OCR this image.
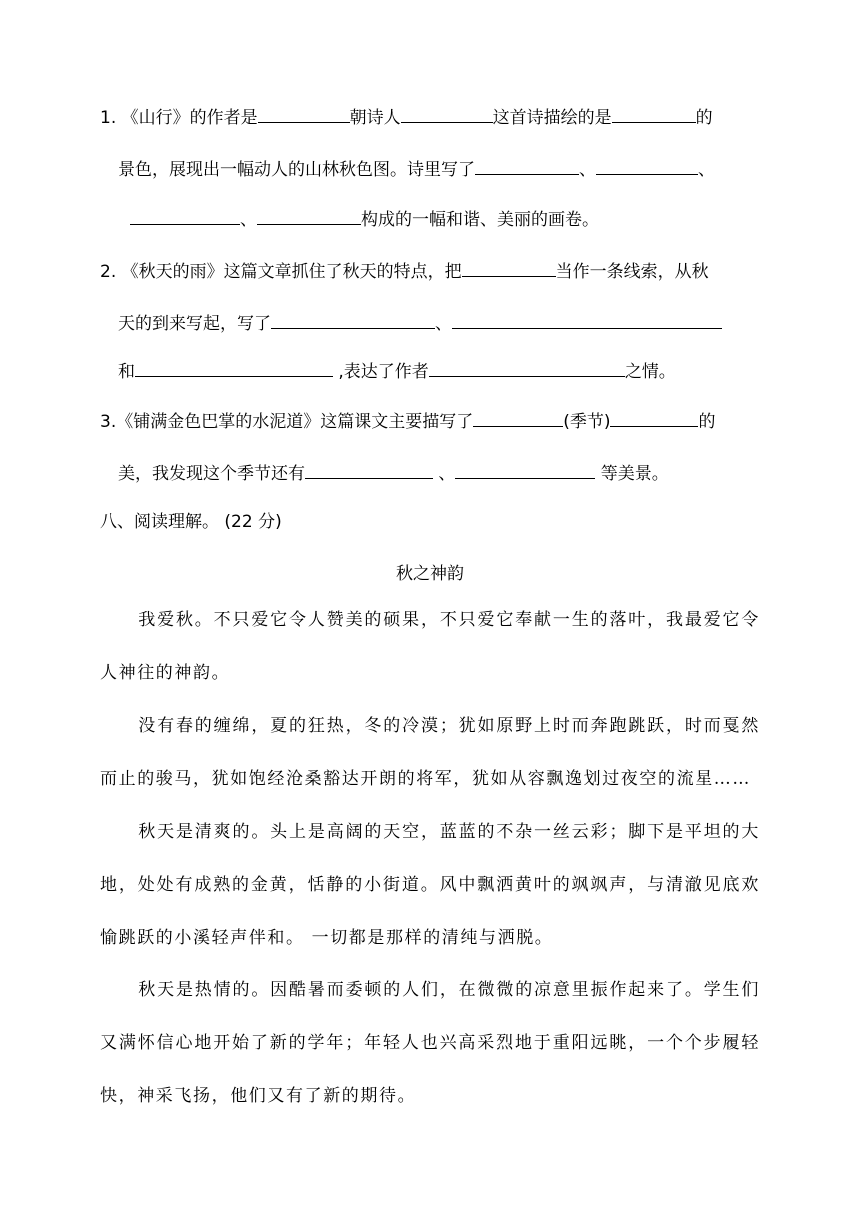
1. 《山行》的作者是	朝诗人	这首诗描绘的是	的
景色，展现出一幅动人的山林秋色图。诗里写了	、	、
、	构成的一幅和谐、美丽的画卷。
2. 《秋天的雨》这篇文章抓住了秋天的特点，把	当作一条线索，从秋
天的到来写起，写了	、
和	,表达了作者	之情。
3.《铺满金色巴掌的水泥道》这篇课文主要描写了	(季节)	的
美，我发现这个季节还有	、	等美景。
八、阅读理解。 (22 分)
秋之神韵
我爱秋。不只爱它令人赞美的硕果，不只爱它奉献一生的落叶，我最爱它令人神往的神韵。
没有春的缠绵，夏的狂热，冬的冷漠；犹如原野上时而奔跑跳跃，时而戛然而止的骏马，犹如饱经沧桑豁达开朗的将军，犹如从容飘逸划过夜空的流星……
秋天是清爽的。头上是高阔的天空，蓝蓝的不杂一丝云彩；脚下是平坦的大地，处处有成熟的金黄，恬静的小街道。风中飘洒黄叶的飒飒声，与清澈见底欢愉跳跃的小溪轻声伴和。 一切都是那样的清纯与洒脱。
秋天是热情的。因酷暑而委顿的人们，在微微的凉意里振作起来了。学生们又满怀信心地开始了新的学年；年轻人也兴高采烈地于重阳远眺，一个个步履轻快，神采飞扬，他们又有了新的期待。
